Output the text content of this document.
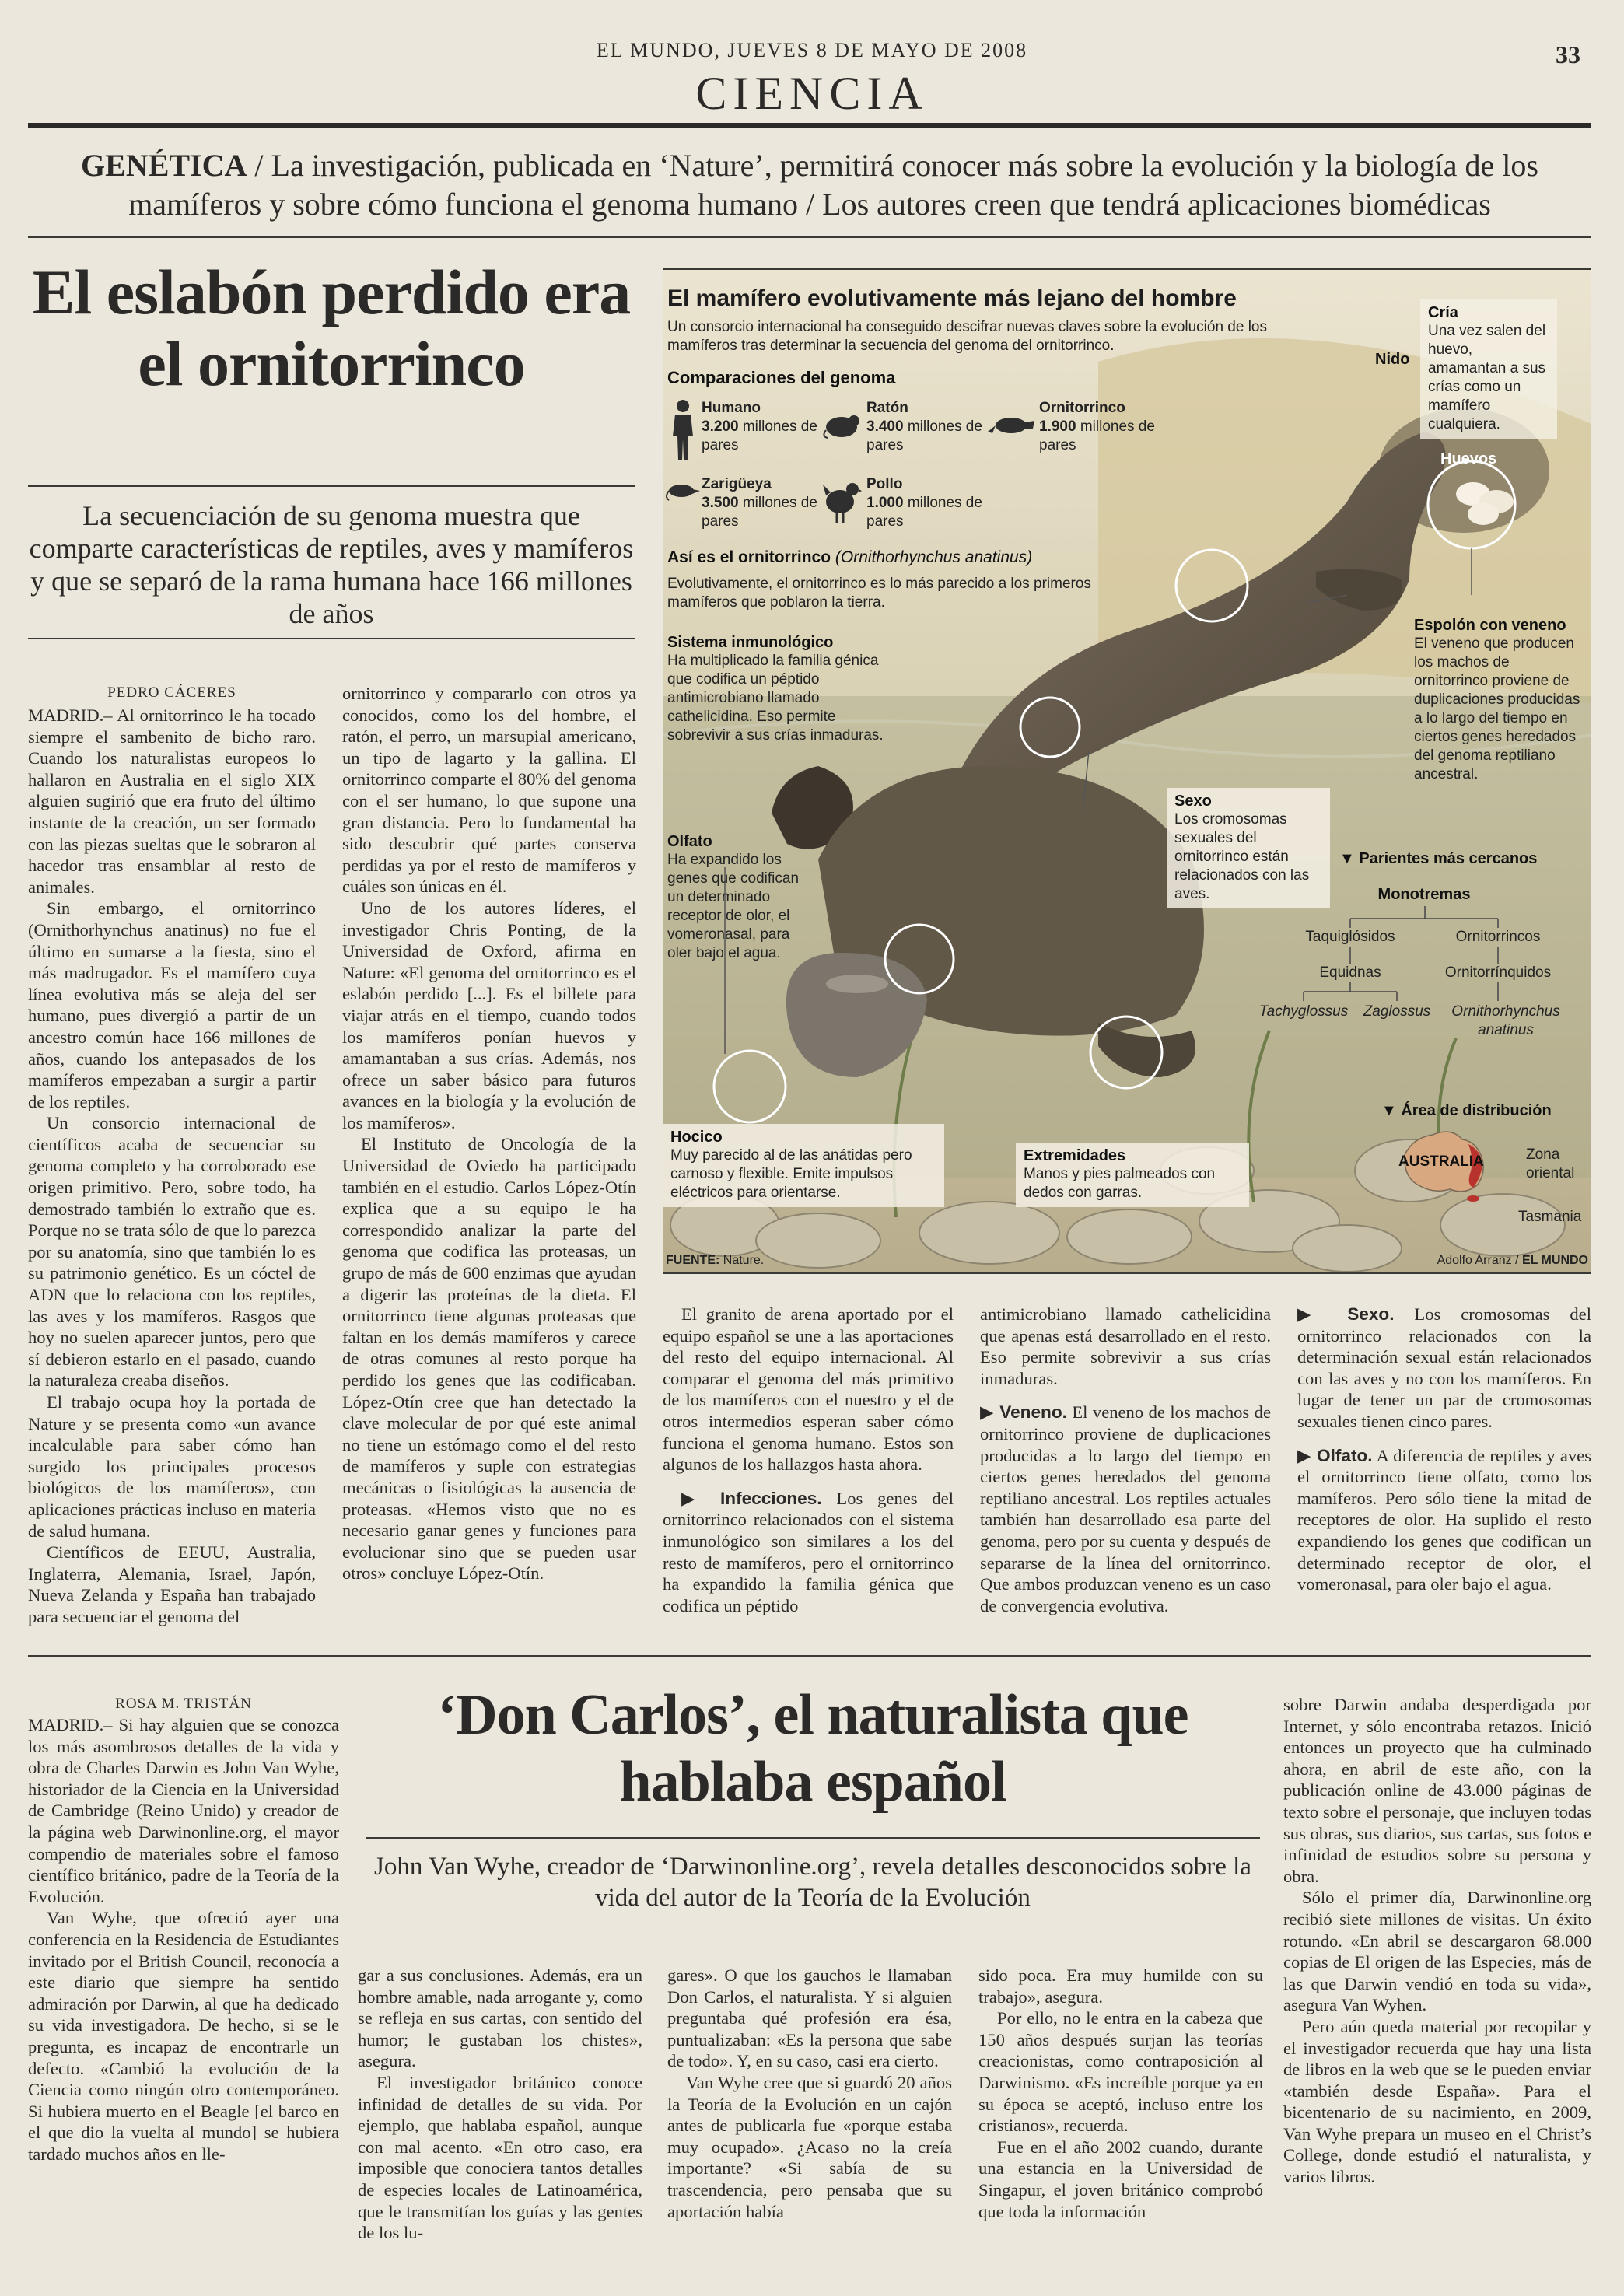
EL MUNDO, JUEVES 8 DE MAYO DE 2008	33
CIENCIA
GENÉTICA / La investigación, publicada en ‘Nature’, permitirá conocer más sobre la evolución y la biología de los mamíferos y sobre cómo funciona el genoma humano / Los autores creen que tendrá aplicaciones biomédicas
El eslabón perdido era el ornitorrinco
La secuenciación de su genoma muestra que comparte características de reptiles, aves y mamíferos y que se separó de la rama humana hace 166 millones de años
PEDRO CÁCERES

MADRID.– Al ornitorrinco le ha tocado siempre el sambenito de bicho raro. Cuando los naturalistas europeos lo hallaron en Australia en el siglo XIX alguien sugirió que era fruto del último instante de la creación, un ser formado con las piezas sueltas que le sobraron al hacedor tras ensamblar al resto de animales.

Sin embargo, el ornitorrinco (Ornithorhynchus anatinus) no fue el último en sumarse a la fiesta, sino el más madrugador. Es el mamífero cuya línea evolutiva más se aleja del ser humano, pues divergió a partir de un ancestro común hace 166 millones de años, cuando los antepasados de los mamíferos empezaban a surgir a partir de los reptiles.

Un consorcio internacional de científicos acaba de secuenciar su genoma completo y ha corroborado ese origen primitivo. Pero, sobre todo, ha demostrado también lo extraño que es. Porque no se trata sólo de que lo parezca por su anatomía, sino que también lo es su patrimonio genético. Es un cóctel de ADN que lo relaciona con los reptiles, las aves y los mamíferos. Rasgos que hoy no suelen aparecer juntos, pero que sí debieron estarlo en el pasado, cuando la naturaleza creaba diseños.

El trabajo ocupa hoy la portada de Nature y se presenta como «un avance incalculable para saber cómo han surgido los principales procesos biológicos de los mamíferos», con aplicaciones prácticas incluso en materia de salud humana.

Científicos de EEUU, Australia, Inglaterra, Alemania, Israel, Japón, Nueva Zelanda y España han trabajado para secuenciar el genoma del

ornitorrinco y compararlo con otros ya conocidos, como los del hombre, el ratón, el perro, un marsupial americano, un tipo de lagarto y la gallina. El ornitorrinco comparte el 80% del genoma con el ser humano, lo que supone una gran distancia. Pero lo fundamental ha sido descubrir qué partes conserva perdidas ya por el resto de mamíferos y cuáles son únicas en él.

Uno de los autores líderes, el investigador Chris Ponting, de la Universidad de Oxford, afirma en Nature: «El genoma del ornitorrinco es el eslabón perdido [...]. Es el billete para viajar atrás en el tiempo, cuando todos los mamíferos ponían huevos y amamantaban a sus crías. Además, nos ofrece un saber básico para futuros avances en la biología y la evolución de los mamíferos».

El Instituto de Oncología de la Universidad de Oviedo ha participado también en el estudio. Carlos López-Otín explica que a su equipo le ha correspondido analizar la parte del genoma que codifica las proteasas, un grupo de más de 600 enzimas que ayudan a digerir las proteínas de la dieta. El ornitorrinco tiene algunas proteasas que faltan en los demás mamíferos y carece de otras comunes al resto porque ha perdido los genes que las codificaban. López-Otín cree que han detectado la clave molecular de por qué este animal no tiene un estómago como el del resto de mamíferos y suple con estrategias mecánicas o fisiológicas la ausencia de proteasas. «Hemos visto que no es necesario ganar genes y funciones para evolucionar sino que se pueden usar otros» concluye López-Otín.

El granito de arena aportado por el equipo español se une a las aportaciones del resto del equipo internacional. Al comparar el genoma del más primitivo de los mamíferos con el nuestro y el de otros intermedios esperan saber cómo funciona el genoma humano. Estos son algunos de los hallazgos hasta ahora.

▶ Infecciones. Los genes del ornitorrinco relacionados con el sistema inmunológico son similares a los del resto de mamíferos, pero el ornitorrinco ha expandido la familia génica que codifica un péptido

antimicrobiano llamado cathelicidina que apenas está desarrollado en el resto. Eso permite sobrevivir a sus crías inmaduras.

▶ Veneno. El veneno de los machos de ornitorrinco proviene de duplicaciones producidas a lo largo del tiempo en ciertos genes heredados del genoma reptiliano ancestral. Los reptiles actuales también han desarrollado esa parte del genoma, pero por su cuenta y después de separarse de la línea del ornitorrinco. Que ambos produzcan veneno es un caso de convergencia evolutiva.

▶ Sexo. Los cromosomas del ornitorrinco relacionados con la determinación sexual están relacionados con las aves y no con los mamíferos. En lugar de tener un par de cromosomas sexuales tienen cinco pares.

▶ Olfato. A diferencia de reptiles y aves el ornitorrinco tiene olfato, como los mamíferos. Pero sólo tiene la mitad de receptores de olor. Ha suplido el resto expandiendo los genes que codifican un determinado receptor de olor, el vomeronasal, para oler bajo el agua.

El mamífero evolutivamente más lejano del hombre
Un consorcio internacional ha conseguido descifrar nuevas claves sobre la evolución de los mamíferos tras determinar la secuencia del genoma del ornitorrinco.
Comparaciones del genoma
Humano
3.200 millones de pares
Ratón
3.400 millones de pares
Ornitorrinco
1.900 millones de pares
Zarigüeya
3.500 millones de pares
Pollo
1.000 millones de pares
Así es el ornitorrinco (Ornithorhynchus anatinus)
Evolutivamente, el ornitorrinco es lo más parecido a los primeros mamíferos que poblaron la tierra.
Sistema inmunológico
Ha multiplicado la familia génica que codifica un péptido antimicrobiano llamado cathelicidina. Eso permite sobrevivir a sus crías inmaduras.
Olfato
Ha expandido los genes que codifican un determinado receptor de olor, el vomeronasal, para oler bajo el agua.
Hocico
Muy parecido al de las anátidas pero carnoso y flexible. Emite impulsos eléctricos para orientarse.
Extremidades
Manos y pies palmeados con dedos con garras.
Sexo
Los cromosomas sexuales del ornitorrinco están relacionados con las aves.
Nido
Cría
Una vez salen del huevo, amamantan a sus crías como un mamífero cualquiera.
Huevos
Espolón con veneno
El veneno que producen los machos de ornitorrinco proviene de duplicaciones producidas a lo largo del tiempo en ciertos genes heredados del genoma reptiliano ancestral.
▼ Parientes más cercanos
Monotremas
Taquiglósidos	Ornitorrincos
Equidnas	Ornitorrínquidos
Tachyglossus	Zaglossus	Ornithorhynchus anatinus
▼ Área de distribución
AUSTRALIA	Zona oriental
Tasmania
FUENTE: Nature.	Adolfo Arranz / EL MUNDO
ROSA M. TRISTÁN

MADRID.– Si hay alguien que se conozca los más asombrosos detalles de la vida y obra de Charles Darwin es John Van Wyhe, historiador de la Ciencia en la Universidad de Cambridge (Reino Unido) y creador de la página web Darwinonline.org, el mayor compendio de materiales sobre el famoso científico británico, padre de la Teoría de la Evolución.

Van Wyhe, que ofreció ayer una conferencia en la Residencia de Estudiantes invitado por el British Council, reconocía a este diario que siempre ha sentido admiración por Darwin, al que ha dedicado su vida investigadora. De hecho, si se le pregunta, es incapaz de encontrarle un defecto. «Cambió la evolución de la Ciencia como ningún otro contemporáneo. Si hubiera muerto en el Beagle [el barco en el que dio la vuelta al mundo] se hubiera tardado muchos años en lle-

‘Don Carlos’, el naturalista que hablaba español
John Van Wyhe, creador de ‘Darwinonline.org’, revela detalles desconocidos sobre la vida del autor de la Teoría de la Evolución

gar a sus conclusiones. Además, era un hombre amable, nada arrogante y, como se refleja en sus cartas, con sentido del humor; le gustaban los chistes», asegura.

El investigador británico conoce infinidad de detalles de su vida. Por ejemplo, que hablaba español, aunque con mal acento. «En otro caso, era imposible que conociera tantos detalles de especies locales de Latinoamérica, que le transmitían los guías y las gentes de los lu-

gares». O que los gauchos le llamaban Don Carlos, el naturalista. Y si alguien preguntaba qué profesión era ésa, puntualizaban: «Es la persona que sabe de todo». Y, en su caso, casi era cierto.

Van Wyhe cree que si guardó 20 años la Teoría de la Evolución en un cajón antes de publicarla fue «porque estaba muy ocupado». ¿Acaso no la creía importante? «Si sabía de su trascendencia, pero pensaba que su aportación había

sido poca. Era muy humilde con su trabajo», asegura.

Por ello, no le entra en la cabeza que 150 años después surjan las teorías creacionistas, como contraposición al Darwinismo. «Es increíble porque ya en su época se aceptó, incluso entre los cristianos», recuerda.

Fue en el año 2002 cuando, durante una estancia en la Universidad de Singapur, el joven británico comprobó que toda la información

sobre Darwin andaba desperdigada por Internet, y sólo encontraba retazos. Inició entonces un proyecto que ha culminado ahora, en abril de este año, con la publicación online de 43.000 páginas de texto sobre el personaje, que incluyen todas sus obras, sus diarios, sus cartas, sus fotos e infinidad de estudios sobre su persona y obra.

Sólo el primer día, Darwinonline.org recibió siete millones de visitas. Un éxito rotundo. «En abril se descargaron 68.000 copias de El origen de las Especies, más de las que Darwin vendió en toda su vida», asegura Van Wyhen.

Pero aún queda material por recopilar y el investigador recuerda que hay una lista de libros en la web que se le pueden enviar «también desde España». Para el bicentenario de su nacimiento, en 2009, Van Wyhe prepara un museo en el Christ’s College, donde estudió el naturalista, y varios libros.
